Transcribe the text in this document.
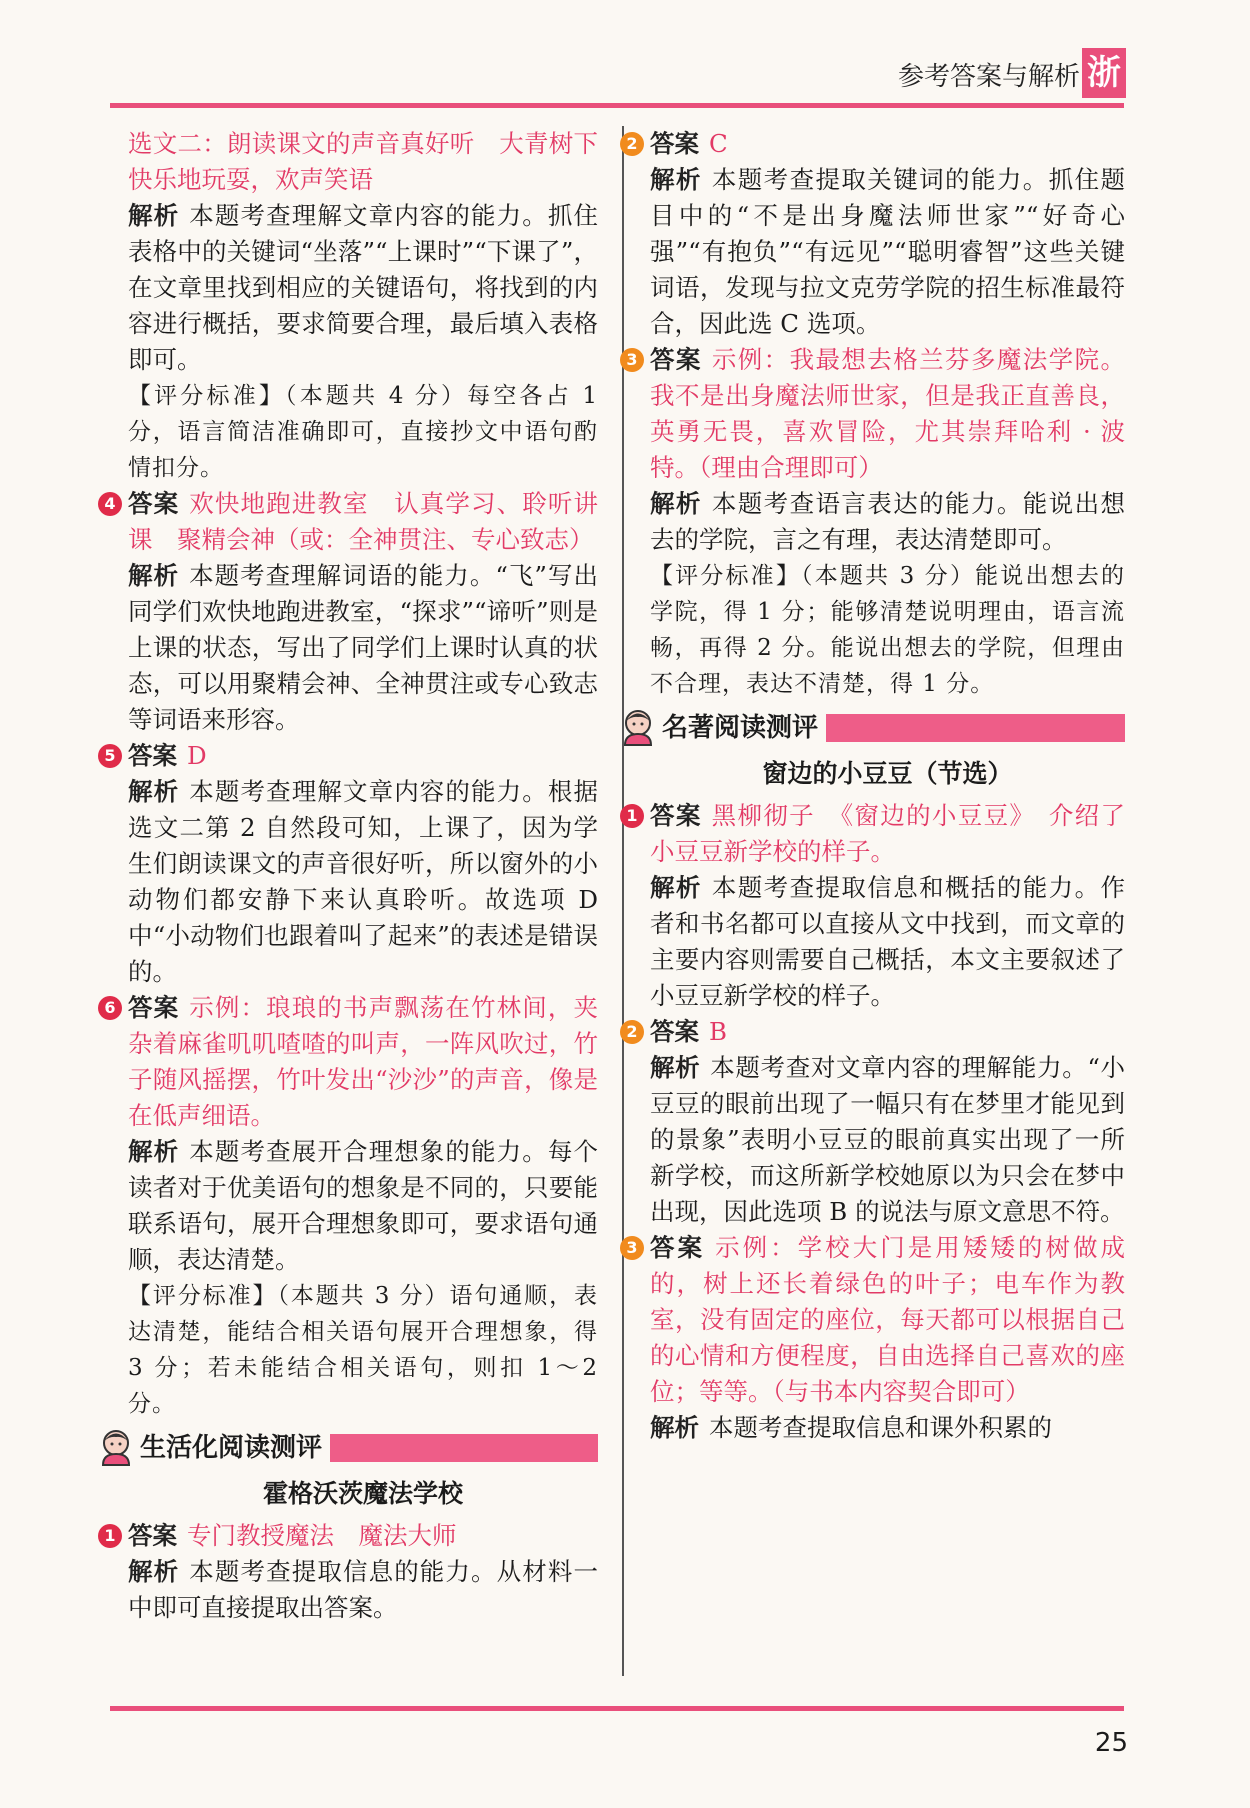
参考答案与解析 浙

选文二：朗读课文的声音真好听　大青树下快乐地玩耍，欢声笑语

解析 本题考查理解文章内容的能力。抓住表格中的关键词“坐落”“上课时”“下课了”，在文章里找到相应的关键语句，将找到的内容进行概括，要求简要合理，最后填入表格即可。

【评分标准】（本题共 4 分）每空各占 1 分，语言简洁准确即可，直接抄文中语句酌情扣分。

4 答案 欢快地跑进教室　认真学习、聆听讲课　聚精会神（或：全神贯注、专心致志）

解析 本题考查理解词语的能力。“飞”写出同学们欢快地跑进教室，“探求”“谛听”则是上课的状态，写出了同学们上课时认真的状态，可以用聚精会神、全神贯注或专心致志等词语来形容。

5 答案 D

解析 本题考查理解文章内容的能力。根据选文二第 2 自然段可知，上课了，因为学生们朗读课文的声音很好听，所以窗外的小动物们都安静下来认真聆听。故选项 D 中“小动物们也跟着叫了起来”的表述是错误的。

6 答案 示例：琅琅的书声飘荡在竹林间，夹杂着麻雀叽叽喳喳的叫声，一阵风吹过，竹子随风摇摆，竹叶发出“沙沙”的声音，像是在低声细语。

解析 本题考查展开合理想象的能力。每个读者对于优美语句的想象是不同的，只要能联系语句，展开合理想象即可，要求语句通顺，表达清楚。

【评分标准】（本题共 3 分）语句通顺，表达清楚，能结合相关语句展开合理想象，得 3 分；若未能结合相关语句，则扣 1～2 分。

生活化阅读测评
霍格沃茨魔法学校

1 答案 专门教授魔法　魔法大师

解析 本题考查提取信息的能力。从材料一中即可直接提取出答案。

2 答案 C

解析 本题考查提取关键词的能力。抓住题目中的“不是出身魔法师世家”“好奇心强”“有抱负”“有远见”“聪明睿智”这些关键词语，发现与拉文克劳学院的招生标准最符合，因此选 C 选项。

3 答案 示例：我最想去格兰芬多魔法学院。我不是出身魔法师世家，但是我正直善良，英勇无畏，喜欢冒险，尤其崇拜哈利 · 波特。（理由合理即可）

解析 本题考查语言表达的能力。能说出想去的学院，言之有理，表达清楚即可。

【评分标准】（本题共 3 分）能说出想去的学院，得 1 分；能够清楚说明理由，语言流畅，再得 2 分。能说出想去的学院，但理由不合理，表达不清楚，得 1 分。

名著阅读测评
窗边的小豆豆（节选）

1 答案 黑柳彻子　《窗边的小豆豆》　介绍了小豆豆新学校的样子。

解析 本题考查提取信息和概括的能力。作者和书名都可以直接从文中找到，而文章的主要内容则需要自己概括，本文主要叙述了小豆豆新学校的样子。

2 答案 B

解析 本题考查对文章内容的理解能力。“小豆豆的眼前出现了一幅只有在梦里才能见到的景象”表明小豆豆的眼前真实出现了一所新学校，而这所新学校她原以为只会在梦中出现，因此选项 B 的说法与原文意思不符。

3 答案 示例：学校大门是用矮矮的树做成的，树上还长着绿色的叶子；电车作为教室，没有固定的座位，每天都可以根据自己的心情和方便程度，自由选择自己喜欢的座位；等等。（与书本内容契合即可）

解析 本题考查提取信息和课外积累的

25
